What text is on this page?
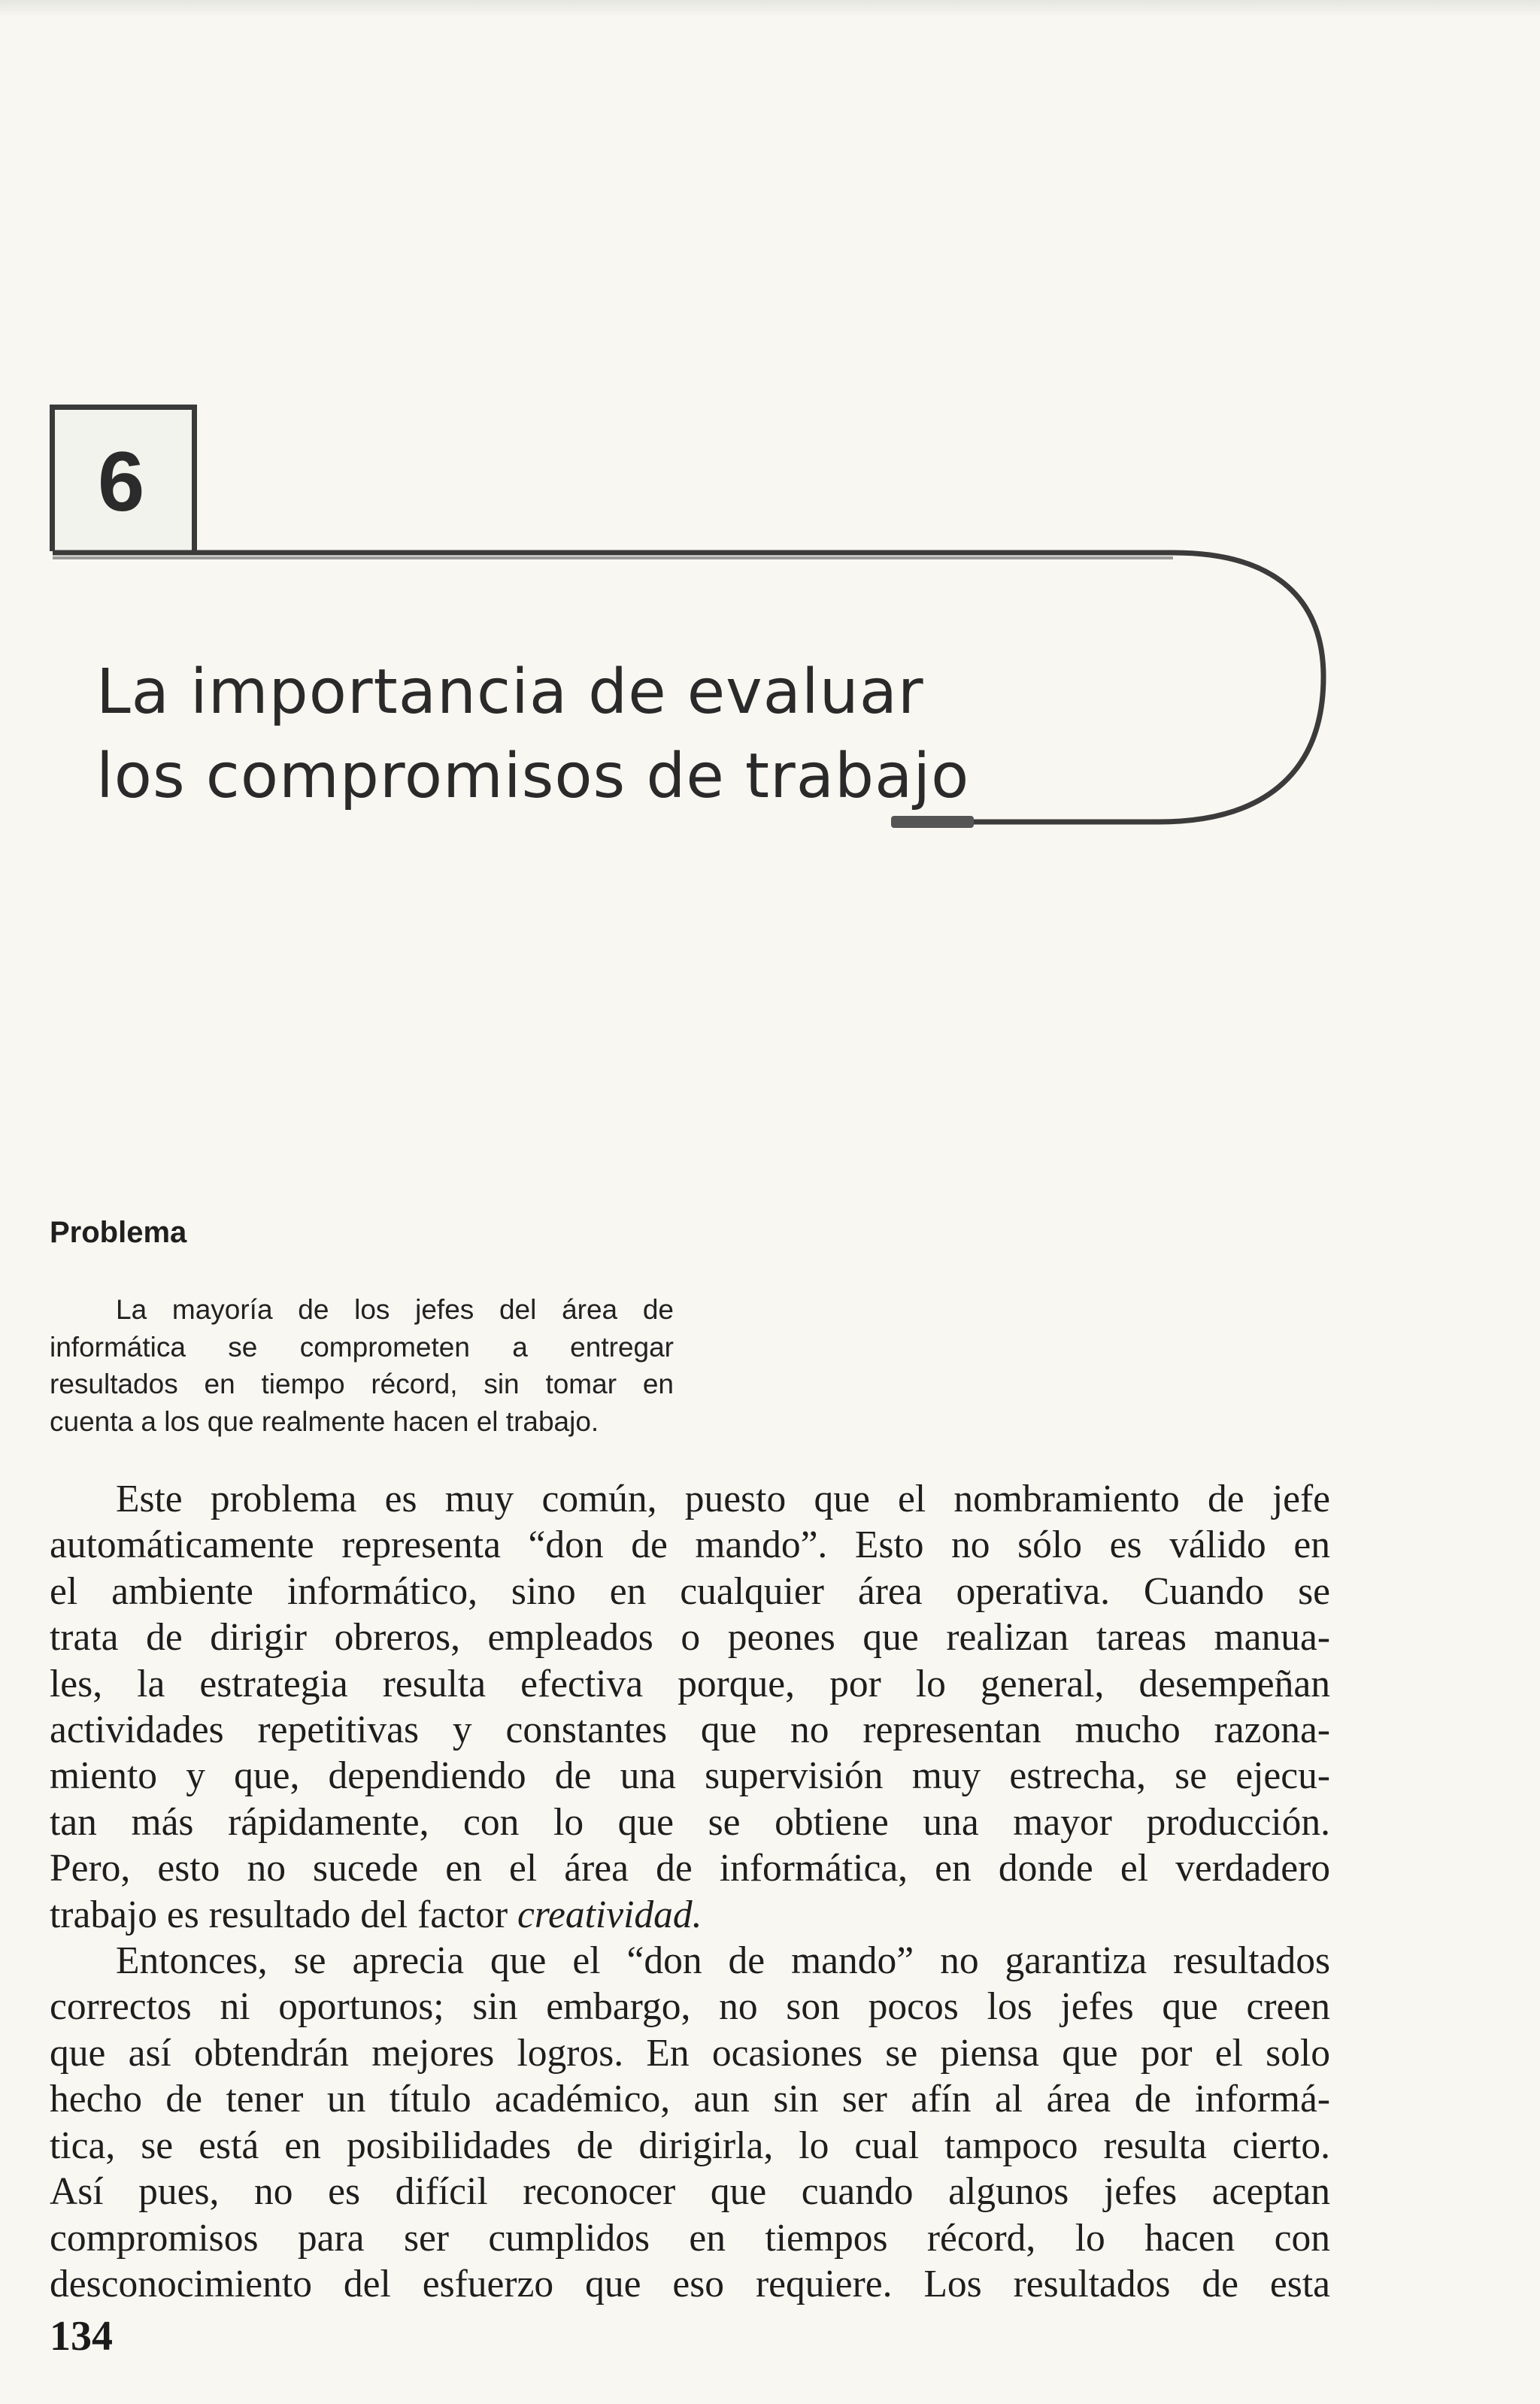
6
La importancia de evaluar
los compromisos de trabajo
Problema
La mayoría de los jefes del área de
informática se comprometen a entregar
resultados en tiempo récord, sin tomar en
cuenta a los que realmente hacen el trabajo.
Este problema es muy común, puesto que el nombramiento de jefe
automáticamente representa “don de mando”. Esto no sólo es válido en
el ambiente informático, sino en cualquier área operativa. Cuando se
trata de dirigir obreros, empleados o peones que realizan tareas manua-
les, la estrategia resulta efectiva porque, por lo general, desempeñan
actividades repetitivas y constantes que no representan mucho razona-
miento y que, dependiendo de una supervisión muy estrecha, se ejecu-
tan más rápidamente, con lo que se obtiene una mayor producción.
Pero, esto no sucede en el área de informática, en donde el verdadero
trabajo es resultado del factor creatividad.
Entonces, se aprecia que el “don de mando” no garantiza resultados
correctos ni oportunos; sin embargo, no son pocos los jefes que creen
que así obtendrán mejores logros. En ocasiones se piensa que por el solo
hecho de tener un título académico, aun sin ser afín al área de informá-
tica, se está en posibilidades de dirigirla, lo cual tampoco resulta cierto.
Así pues, no es difícil reconocer que cuando algunos jefes aceptan
compromisos para ser cumplidos en tiempos récord, lo hacen con
desconocimiento del esfuerzo que eso requiere. Los resultados de esta
134
